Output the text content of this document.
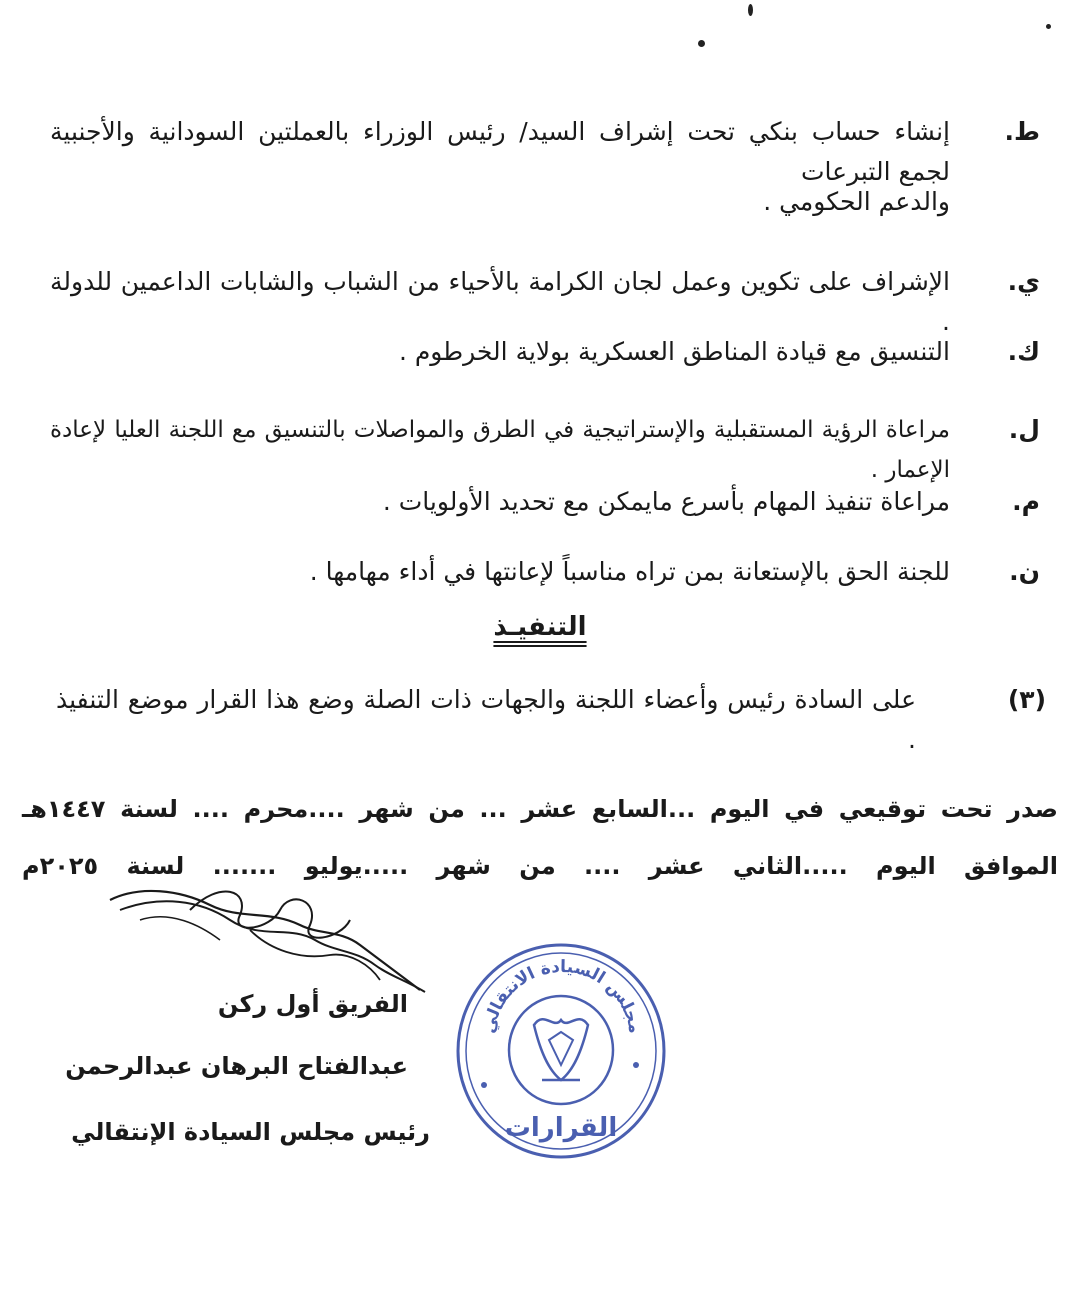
ط.
إنشاء حساب بنكي تحت إشراف السيد/ رئيس الوزراء بالعملتين السودانية والأجنبية لجمع التبرعات
والدعم الحكومي .
ي.
الإشراف على تكوين وعمل لجان الكرامة بالأحياء من الشباب والشابات الداعمين للدولة .
ك.
التنسيق مع قيادة المناطق العسكرية بولاية الخرطوم .
ل.
مراعاة الرؤية المستقبلية والإستراتيجية في الطرق والمواصلات بالتنسيق مع اللجنة العليا لإعادة الإعمار .
م.
مراعاة تنفيذ المهام بأسرع مايمكن مع تحديد الأولويات .
ن.
للجنة الحق بالإستعانة بمن تراه مناسباً لإعانتها في أداء مهامها .
التنفيـذ
(٣)
على السادة رئيس وأعضاء اللجنة والجهات ذات الصلة وضع هذا القرار موضع التنفيذ .
صدر تحت توقيعي في اليوم ...السابع عشر ... من شهر ....محرم .... لسنة ١٤٤٧هـ
الموافق اليوم .....الثاني عشر .... من شهر .....يوليو ....... لسنة ٢٠٢٥م
الفريق أول ركن
عبدالفتاح البرهان عبدالرحمن
رئيس مجلس السيادة الإنتقالي
مجلس السيادة الانتقالي
القرارات
